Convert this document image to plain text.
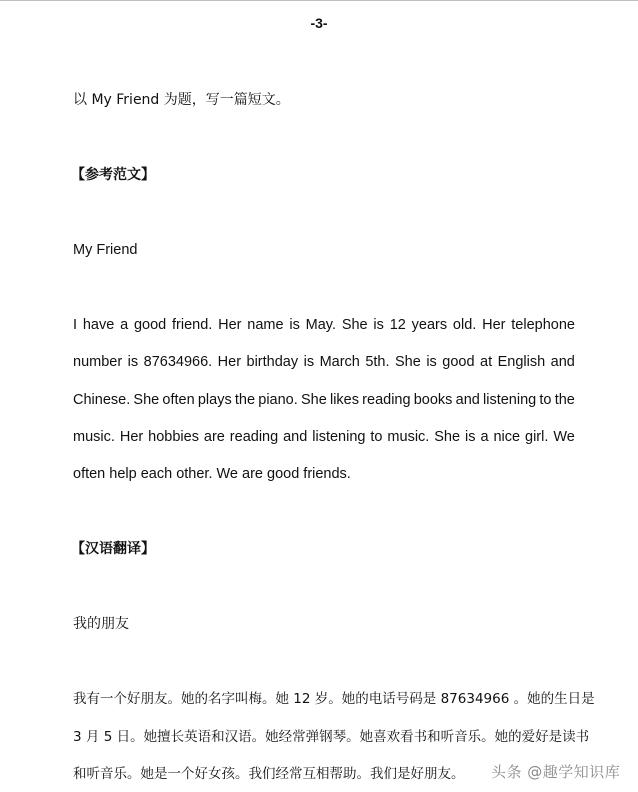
-3-
以 My Friend 为题，写一篇短文。
【参考范文】
My Friend
I have a good friend. Her name is May. She is 12 years old. Her telephone
number is 87634966. Her birthday is March 5th. She is good at English and
Chinese. She often plays the piano. She likes reading books and listening to the
music. Her hobbies are reading and listening to music. She is a nice girl. We
often help each other. We are good friends.
【汉语翻译】
我的朋友
我 有 一 个 好 朋 友 。 她 的 名 字 叫 梅 。 她
1 2
岁 。 她 的 电 话 号 码 是
8 7 6 3 4 9 6 6
。 她 的 生 日 是
3
月
5
日 。 她 擅 长 英 语 和 汉 语 。 她 经 常 弹 钢 琴 。 她 喜 欢 看 书 和 听 音 乐 。 她 的 爱 好 是 读 书
和听音乐。她是一个好女孩。我们经常互相帮助。我们是好朋友。 头条 @趣学知识库
